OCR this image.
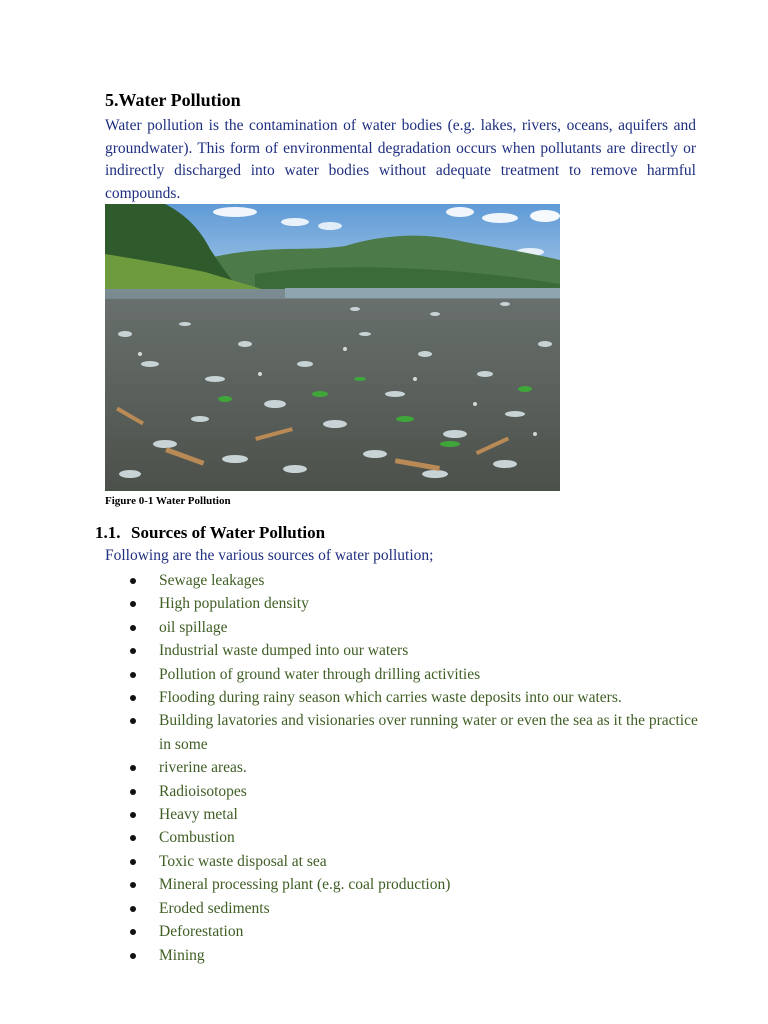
5.Water Pollution

Water pollution is the contamination of water bodies (e.g. lakes, rivers, oceans, aquifers and groundwater). This form of environmental degradation occurs when pollutants are directly or indirectly discharged into water bodies without adequate treatment to remove harmful compounds.

Figure 0-1 Water Pollution

1.1. Sources of Water Pollution

Following are the various sources of water pollution;

Sewage leakages
High population density
oil spillage
Industrial waste dumped into our waters
Pollution of ground water through drilling activities
Flooding during rainy season which carries waste deposits into our waters.
Building lavatories and visionaries over running water or even the sea as it the practice in some
riverine areas.
Radioisotopes
Heavy metal
Combustion
Toxic waste disposal at sea
Mineral processing plant (e.g. coal production)
Eroded sediments
Deforestation
Mining
